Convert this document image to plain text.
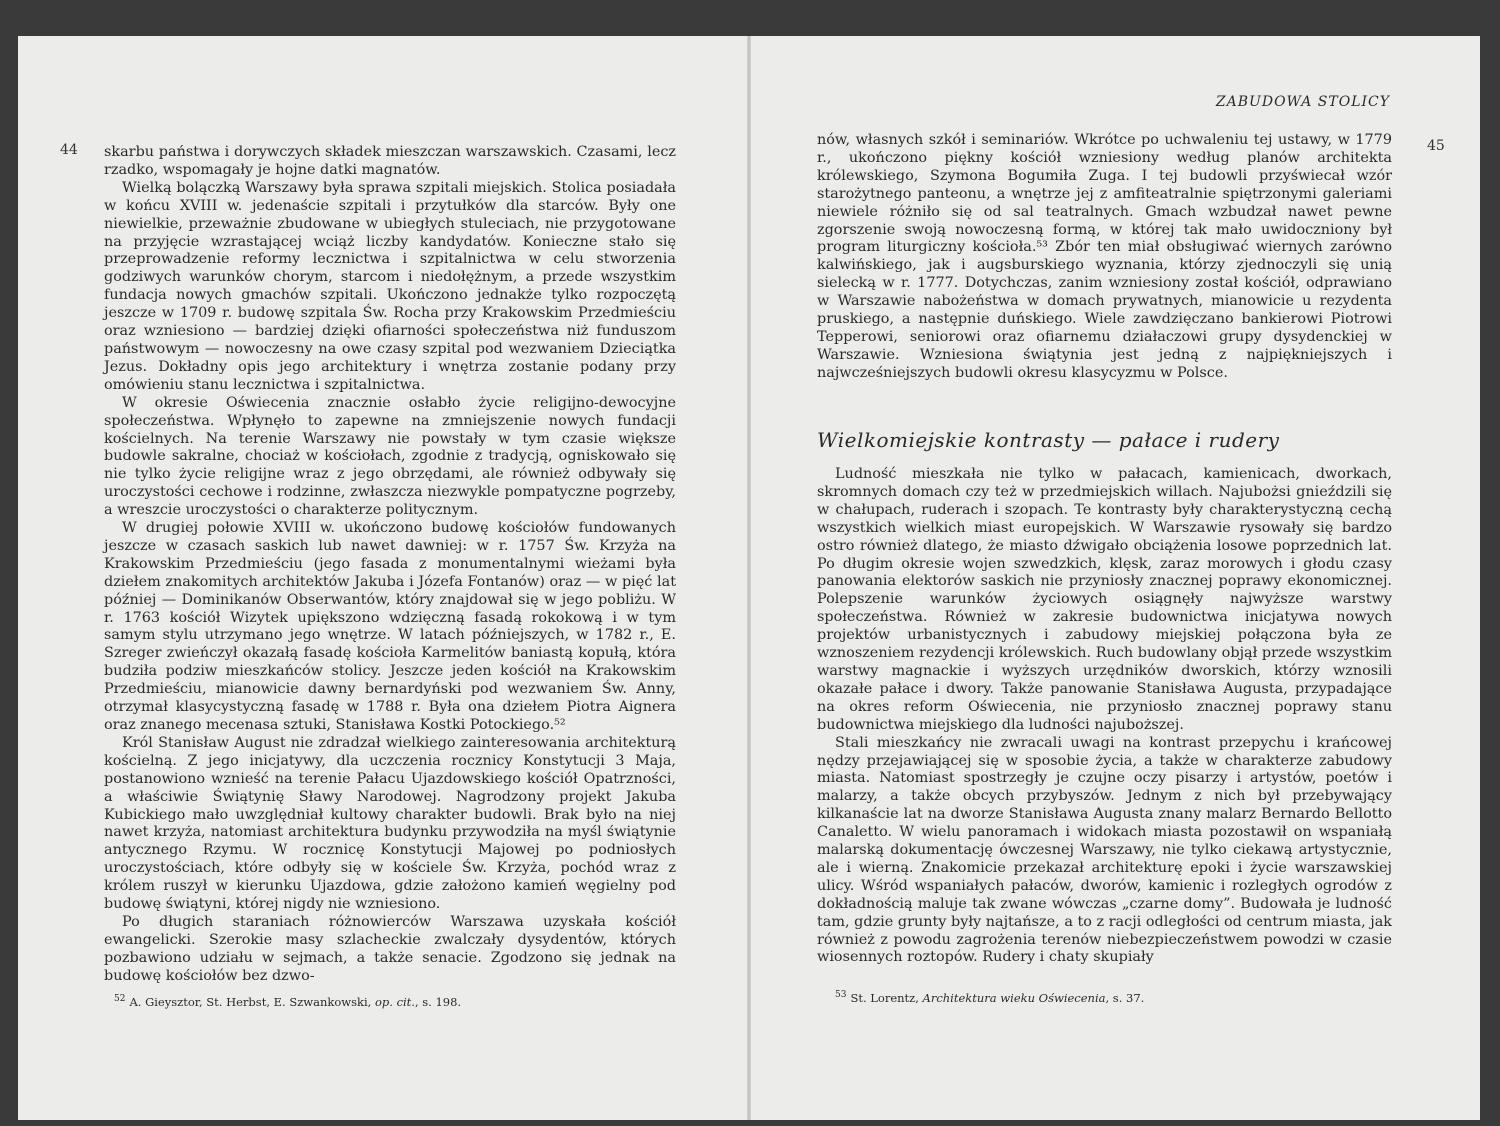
44 skarbu państwa i dorywczych składek mieszczan warszawskich. Czasami, lecz rzadko, wspomagały je hojne datki magnatów.

Wielką bolączką Warszawy była sprawa szpitali miejskich. Stolica posiadała w końcu XVIII w. jedenaście szpitali i przytułków dla starców. Były one niewielkie, przeważnie zbudowane w ubiegłych stuleciach, nie przygotowane na przyjęcie wzrastającej wciąż liczby kandydatów. Konieczne stało się przeprowadzenie reformy lecznictwa i szpitalnictwa w celu stworzenia godziwych warunków chorym, starcom i niedołężnym, a przede wszystkim fundacja nowych gmachów szpitali. Ukończono jednakże tylko rozpoczętą jeszcze w 1709 r. budowę szpitala Św. Rocha przy Krakowskim Przedmieściu oraz wzniesiono — bardziej dzięki ofiarności społeczeństwa niż funduszom państwowym — nowoczesny na owe czasy szpital pod wezwaniem Dzieciątka Jezus. Dokładny opis jego architektury i wnętrza zostanie podany przy omówieniu stanu lecznictwa i szpitalnictwa.

W okresie Oświecenia znacznie osłabło życie religijno-dewocyjne społeczeństwa. Wpłynęło to zapewne na zmniejszenie nowych fundacji kościelnych. Na terenie Warszawy nie powstały w tym czasie większe budowle sakralne, chociaż w kościołach, zgodnie z tradycją, ogniskowało się nie tylko życie religijne wraz z jego obrzędami, ale również odbywały się uroczystości cechowe i rodzinne, zwłaszcza niezwykle pompatyczne pogrzeby, a wreszcie uroczystości o charakterze politycznym.

W drugiej połowie XVIII w. ukończono budowę kościołów fundowanych jeszcze w czasach saskich lub nawet dawniej: w r. 1757 Św. Krzyża na Krakowskim Przedmieściu (jego fasada z monumentalnymi wieżami była dziełem znakomitych architektów Jakuba i Józefa Fontanów) oraz — w pięć lat później — Dominikanów Obserwantów, który znajdował się w jego pobliżu. W r. 1763 kościół Wizytek upiększono wdzięczną fasadą rokokową i w tym samym stylu utrzymano jego wnętrze. W latach późniejszych, w 1782 r., E. Szreger zwieńczył okazałą fasadę kościoła Karmelitów baniastą kopułą, która budziła podziw mieszkańców stolicy. Jeszcze jeden kościół na Krakowskim Przedmieściu, mianowicie dawny bernardyński pod wezwaniem Św. Anny, otrzymał klasycystyczną fasadę w 1788 r. Była ona dziełem Piotra Aignera oraz znanego mecenasa sztuki, Stanisława Kostki Potockiego.⁵²

Król Stanisław August nie zdradzał wielkiego zainteresowania architekturą kościelną. Z jego inicjatywy, dla uczczenia rocznicy Konstytucji 3 Maja, postanowiono wznieść na terenie Pałacu Ujazdowskiego kościół Opatrzności, a właściwie Świątynię Sławy Narodowej. Nagrodzony projekt Jakuba Kubickiego mało uwzględniał kultowy charakter budowli. Brak było na niej nawet krzyża, natomiast architektura budynku przywodziła na myśl świątynie antycznego Rzymu. W rocznicę Konstytucji Majowej po podniosłych uroczystościach, które odbyły się w kościele Św. Krzyża, pochód wraz z królem ruszył w kierunku Ujazdowa, gdzie założono kamień węgielny pod budowę świątyni, której nigdy nie wzniesiono.

Po długich staraniach różnowierców Warszawa uzyskała kościół ewangelicki. Szerokie masy szlacheckie zwalczały dysydentów, których pozbawiono udziału w sejmach, a także senacie. Zgodzono się jednak na budowę kościołów bez dzwo-

$^{52}$ A. Gieysztor, St. Herbst, E. Szwankowski, op. cit., s. 198.
ZABUDOWA STOLICY
45

nów, własnych szkół i seminariów. Wkrótce po uchwaleniu tej ustawy, w 1779 r., ukończono piękny kościół wzniesiony według planów architekta królewskiego, Szymona Bogumiła Zuga. I tej budowli przyświecał wzór starożytnego panteonu, a wnętrze jej z amfiteatralnie spiętrzonymi galeriami niewiele różniło się od sal teatralnych. Gmach wzbudzał nawet pewne zgorszenie swoją nowoczesną formą, w której tak mało uwidoczniony był program liturgiczny kościoła.⁵³ Zbór ten miał obsługiwać wiernych zarówno kalwińskiego, jak i augsburskiego wyznania, którzy zjednoczyli się unią sielecką w r. 1777. Dotychczas, zanim wzniesiony został kościół, odprawiano w Warszawie nabożeństwa w domach prywatnych, mianowicie u rezydenta pruskiego, a następnie duńskiego. Wiele zawdzięczano bankierowi Piotrowi Tepperowi, seniorowi oraz ofiarnemu działaczowi grupy dysydenckiej w Warszawie. Wzniesiona świątynia jest jedną z najpiękniejszych i najwcześniejszych budowli okresu klasycyzmu w Polsce.

Wielkomiejskie kontrasty — pałace i rudery

Ludność mieszkała nie tylko w pałacach, kamienicach, dworkach, skromnych domach czy też w przedmiejskich willach. Najubożsi gnieździli się w chałupach, ruderach i szopach. Te kontrasty były charakterystyczną cechą wszystkich wielkich miast europejskich. W Warszawie rysowały się bardzo ostro również dlatego, że miasto dźwigało obciążenia losowe poprzednich lat. Po długim okresie wojen szwedzkich, klęsk, zaraz morowych i głodu czasy panowania elektorów saskich nie przyniosły znacznej poprawy ekonomicznej. Polepszenie warunków życiowych osiągnęły najwyższe warstwy społeczeństwa. Również w zakresie budownictwa inicjatywa nowych projektów urbanistycznych i zabudowy miejskiej połączona była ze wznoszeniem rezydencji królewskich. Ruch budowlany objął przede wszystkim warstwy magnackie i wyższych urzędników dworskich, którzy wznosili okazałe pałace i dwory. Także panowanie Stanisława Augusta, przypadające na okres reform Oświecenia, nie przyniosło znacznej poprawy stanu budownictwa miejskiego dla ludności najuboższej.

Stali mieszkańcy nie zwracali uwagi na kontrast przepychu i krańcowej nędzy przejawiającej się w sposobie życia, a także w charakterze zabudowy miasta. Natomiast spostrzegły je czujne oczy pisarzy i artystów, poetów i malarzy, a także obcych przybyszów. Jednym z nich był przebywający kilkanaście lat na dworze Stanisława Augusta znany malarz Bernardo Bellotto Canaletto. W wielu panoramach i widokach miasta pozostawił on wspaniałą malarską dokumentację ówczesnej Warszawy, nie tylko ciekawą artystycznie, ale i wierną. Znakomicie przekazał architekturę epoki i życie warszawskiej ulicy. Wśród wspaniałych pałaców, dworów, kamienic i rozległych ogrodów z dokładnością maluje tak zwane wówczas „czarne domy”. Budowała je ludność tam, gdzie grunty były najtańsze, a to z racji odległości od centrum miasta, jak również z powodu zagrożenia terenów niebezpieczeństwem powodzi w czasie wiosennych roztopów. Rudery i chaty skupiały

$^{53}$ St. Lorentz, Architektura wieku Oświecenia, s. 37.
